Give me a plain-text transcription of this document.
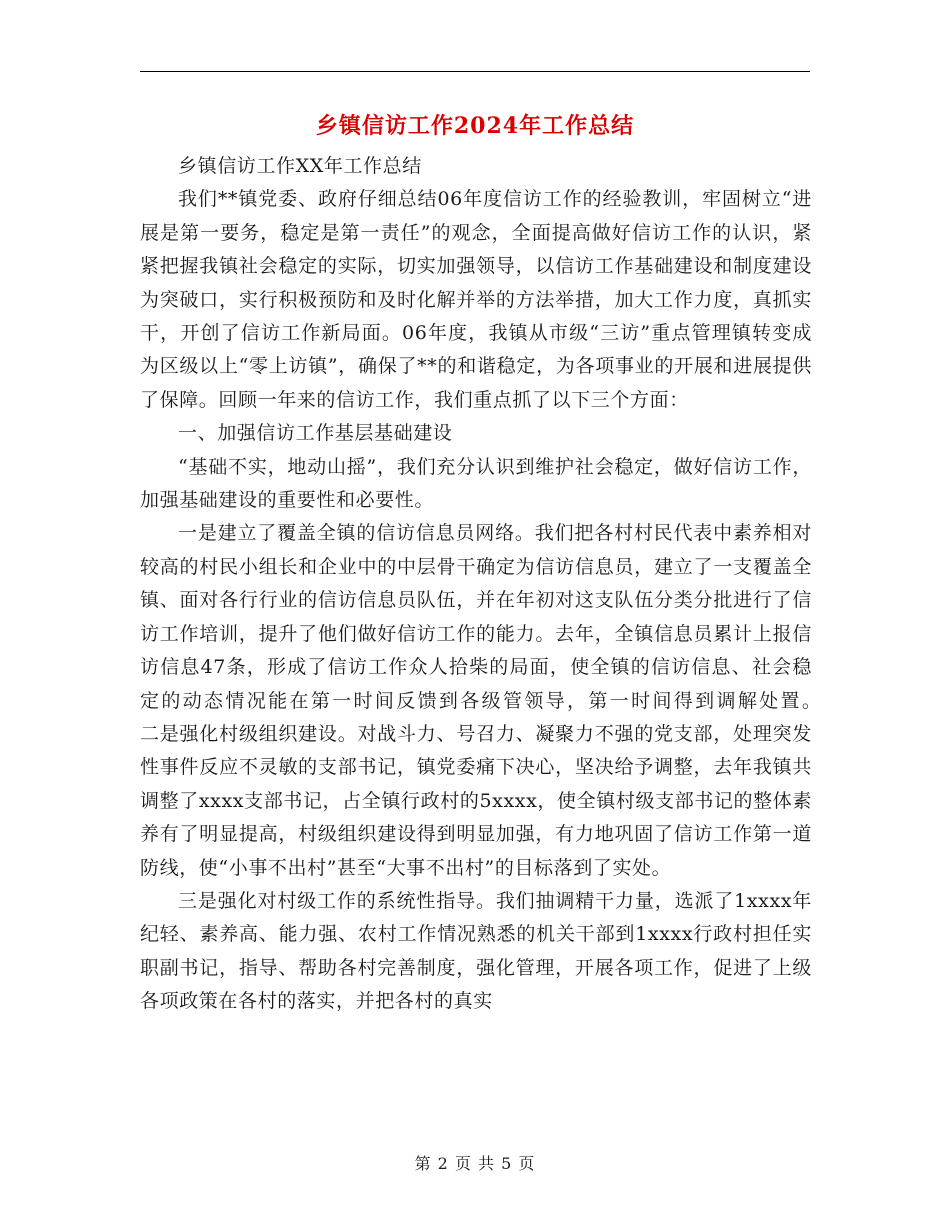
乡镇信访工作2024年工作总结

乡镇信访工作XX年工作总结

我们**镇党委、政府仔细总结06年度信访工作的经验教训，牢固树立“进展是第一要务，稳定是第一责任”的观念，全面提高做好信访工作的认识，紧紧把握我镇社会稳定的实际，切实加强领导，以信访工作基础建设和制度建设为突破口，实行积极预防和及时化解并举的方法举措，加大工作力度，真抓实干，开创了信访工作新局面。06年度，我镇从市级“三访”重点管理镇转变成为区级以上“零上访镇”，确保了**的和谐稳定，为各项事业的开展和进展提供了保障。回顾一年来的信访工作，我们重点抓了以下三个方面：

一、加强信访工作基层基础建设

“基础不实，地动山摇”，我们充分认识到维护社会稳定，做好信访工作，加强基础建设的重要性和必要性。

一是建立了覆盖全镇的信访信息员网络。我们把各村村民代表中素养相对较高的村民小组长和企业中的中层骨干确定为信访信息员，建立了一支覆盖全镇、面对各行行业的信访信息员队伍，并在年初对这支队伍分类分批进行了信访工作培训，提升了他们做好信访工作的能力。去年，全镇信息员累计上报信访信息47条，形成了信访工作众人拾柴的局面，使全镇的信访信息、社会稳定的动态情况能在第一时间反馈到各级管领导，第一时间得到调解处置。　　　　二是强化村级组织建设。对战斗力、号召力、凝聚力不强的党支部，处理突发性事件反应不灵敏的支部书记，镇党委痛下决心，坚决给予调整，去年我镇共调整了xxxx支部书记，占全镇行政村的5xxxx，使全镇村级支部书记的整体素养有了明显提高，村级组织建设得到明显加强，有力地巩固了信访工作第一道防线，使“小事不出村”甚至“大事不出村”的目标落到了实处。

三是强化对村级工作的系统性指导。我们抽调精干力量，选派了1xxxx年纪轻、素养高、能力强、农村工作情况熟悉的机关干部到1xxxx行政村担任实职副书记，指导、帮助各村完善制度，强化管理，开展各项工作，促进了上级各项政策在各村的落实，并把各村的真实

第 2 页 共 5 页
